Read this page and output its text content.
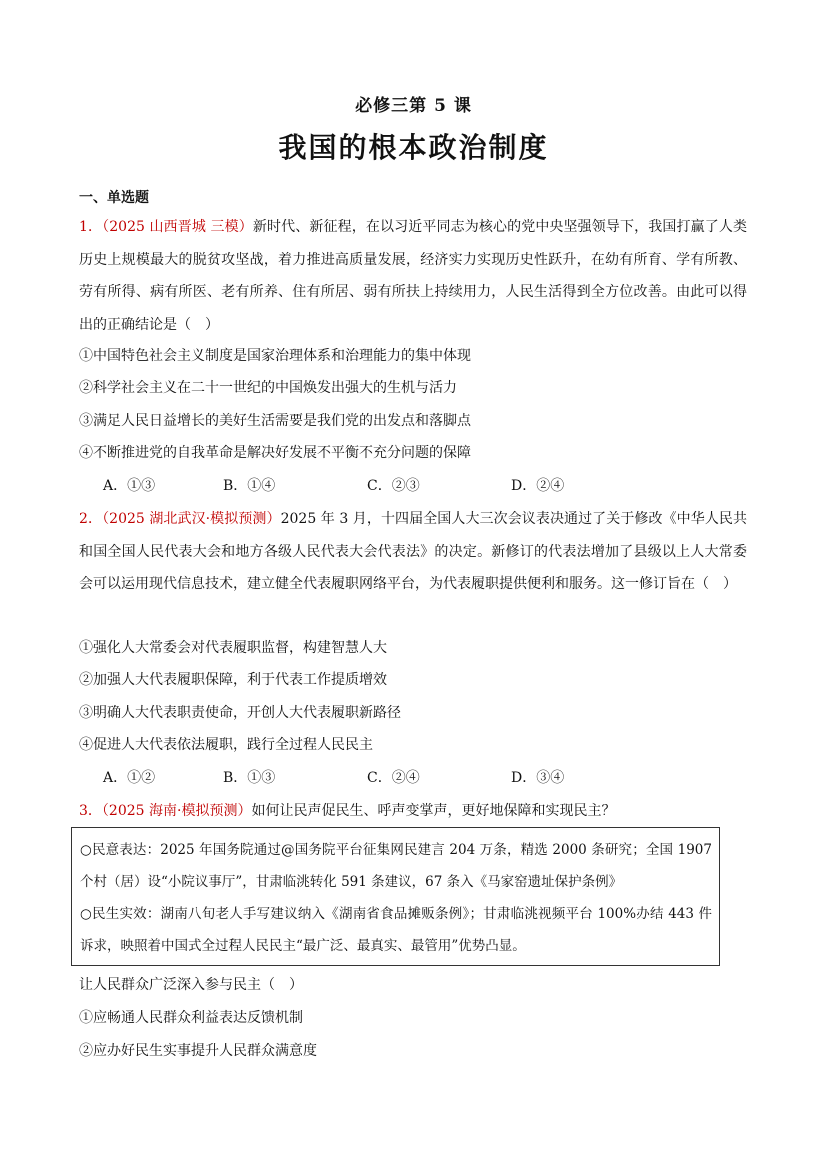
必修三第 5 课
我国的根本政治制度
一、单选题
1．（2025 山西晋城 三模）新时代、新征程，在以习近平同志为核心的党中央坚强领导下，我国打赢了人类历史上规模最大的脱贫攻坚战，着力推进高质量发展，经济实力实现历史性跃升，在幼有所育、学有所教、劳有所得、病有所医、老有所养、住有所居、弱有所扶上持续用力，人民生活得到全方位改善。由此可以得出的正确结论是（　）
①中国特色社会主义制度是国家治理体系和治理能力的集中体现
②科学社会主义在二十一世纪的中国焕发出强大的生机与活力
③满足人民日益增长的美好生活需要是我们党的出发点和落脚点
④不断推进党的自我革命是解决好发展不平衡不充分问题的保障
A．①③	B．①④	C．②③	D．②④
2．（2025 湖北武汉·模拟预测）2025 年 3 月，十四届全国人大三次会议表决通过了关于修改《中华人民共和国全国人民代表大会和地方各级人民代表大会代表法》的决定。新修订的代表法增加了县级以上人大常委会可以运用现代信息技术，建立健全代表履职网络平台，为代表履职提供便利和服务。这一修订旨在（　）
①强化人大常委会对代表履职监督，构建智慧人大
②加强人大代表履职保障，利于代表工作提质增效
③明确人大代表职责使命，开创人大代表履职新路径
④促进人大代表依法履职，践行全过程人民民主
A．①②	B．①③	C．②④	D．③④
3．（2025 海南·模拟预测）如何让民声促民生、呼声变掌声，更好地保障和实现民主？
○民意表达：2025 年国务院通过@国务院平台征集网民建言 204 万条，精选 2000 条研究；全国 1907 个村（居）设“小院议事厅”，甘肃临洮转化 591 条建议，67 条入《马家窑遗址保护条例》
○民生实效：湖南八旬老人手写建议纳入《湖南省食品摊贩条例》；甘肃临洮视频平台 100%办结 443 件诉求，映照着中国式全过程人民民主“最广泛、最真实、最管用”优势凸显。
让人民群众广泛深入参与民主（　）
①应畅通人民群众利益表达反馈机制
②应办好民生实事提升人民群众满意度
